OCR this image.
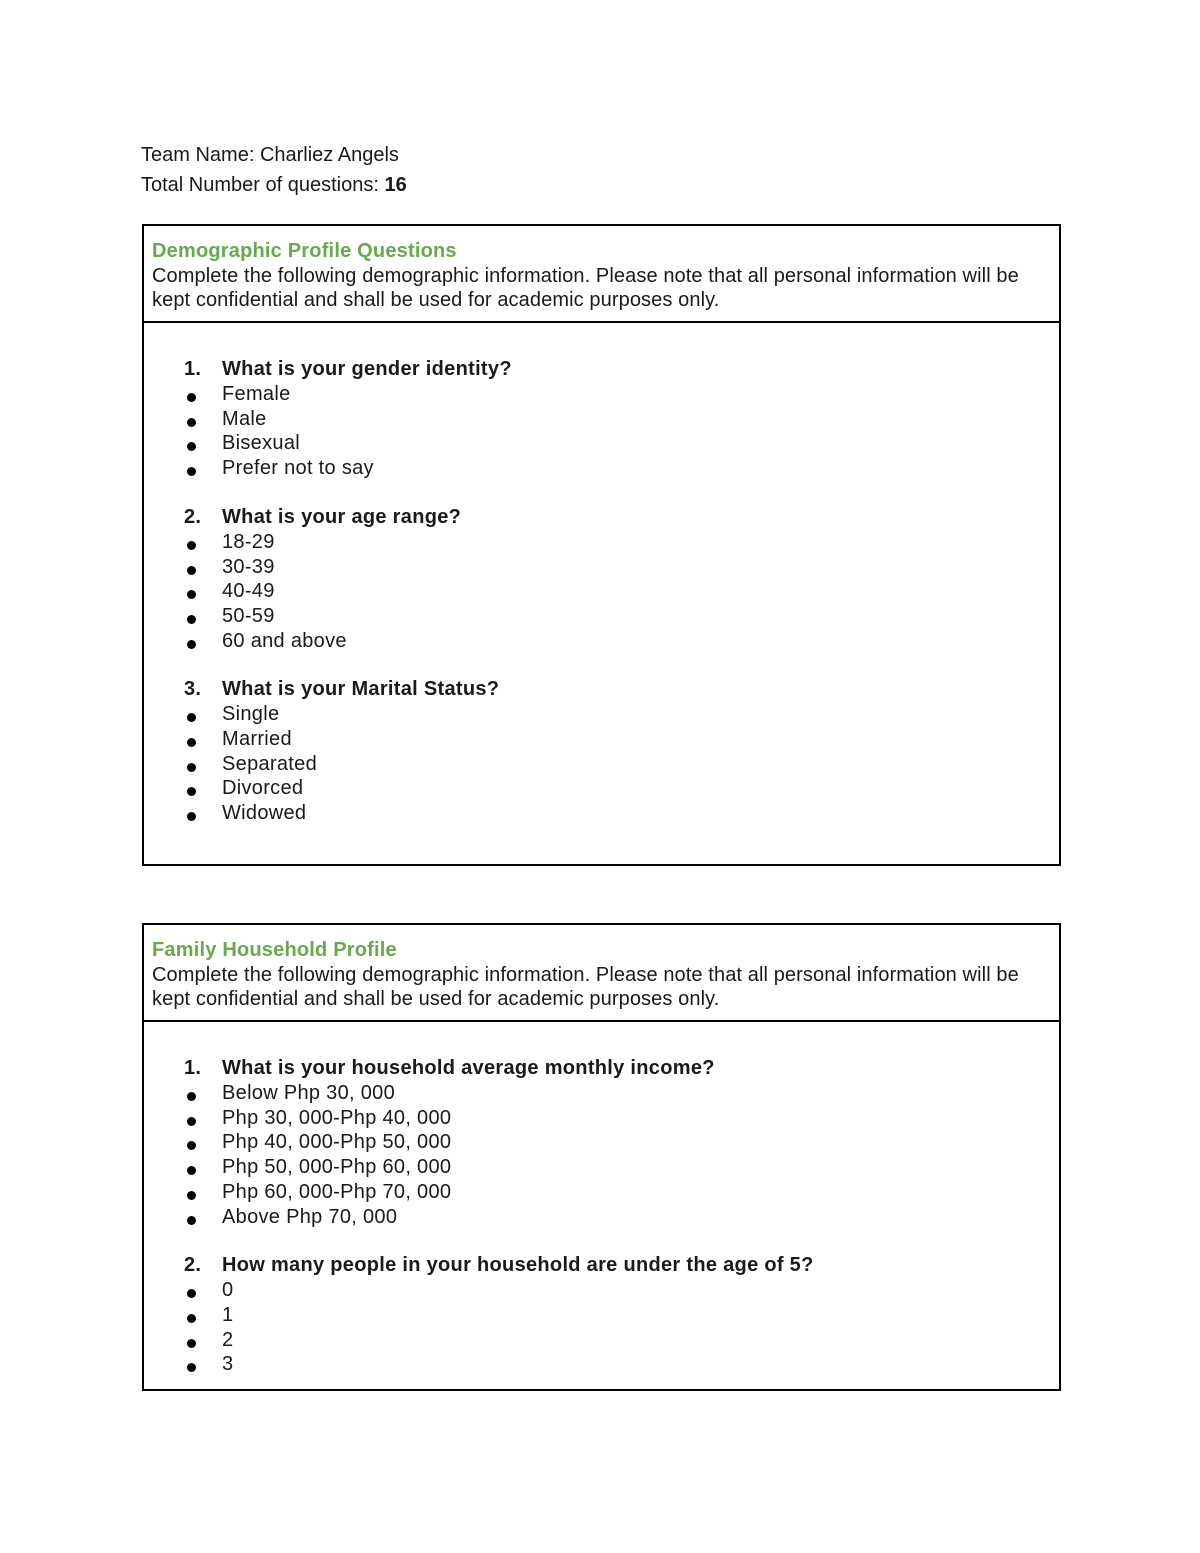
Team Name: Charliez Angels
Total Number of questions: 16
Demographic Profile Questions
Complete the following demographic information. Please note that all personal information will be kept confidential and shall be used for academic purposes only.
1. What is your gender identity?
Female
Male
Bisexual
Prefer not to say
2. What is your age range?
18-29
30-39
40-49
50-59
60 and above
3. What is your Marital Status?
Single
Married
Separated
Divorced
Widowed
Family Household Profile
Complete the following demographic information. Please note that all personal information will be kept confidential and shall be used for academic purposes only.
1. What is your household average monthly income?
Below Php 30, 000
Php 30, 000-Php 40, 000
Php 40, 000-Php 50, 000
Php 50, 000-Php 60, 000
Php 60, 000-Php 70, 000
Above Php 70, 000
2. How many people in your household are under the age of 5?
0
1
2
3
